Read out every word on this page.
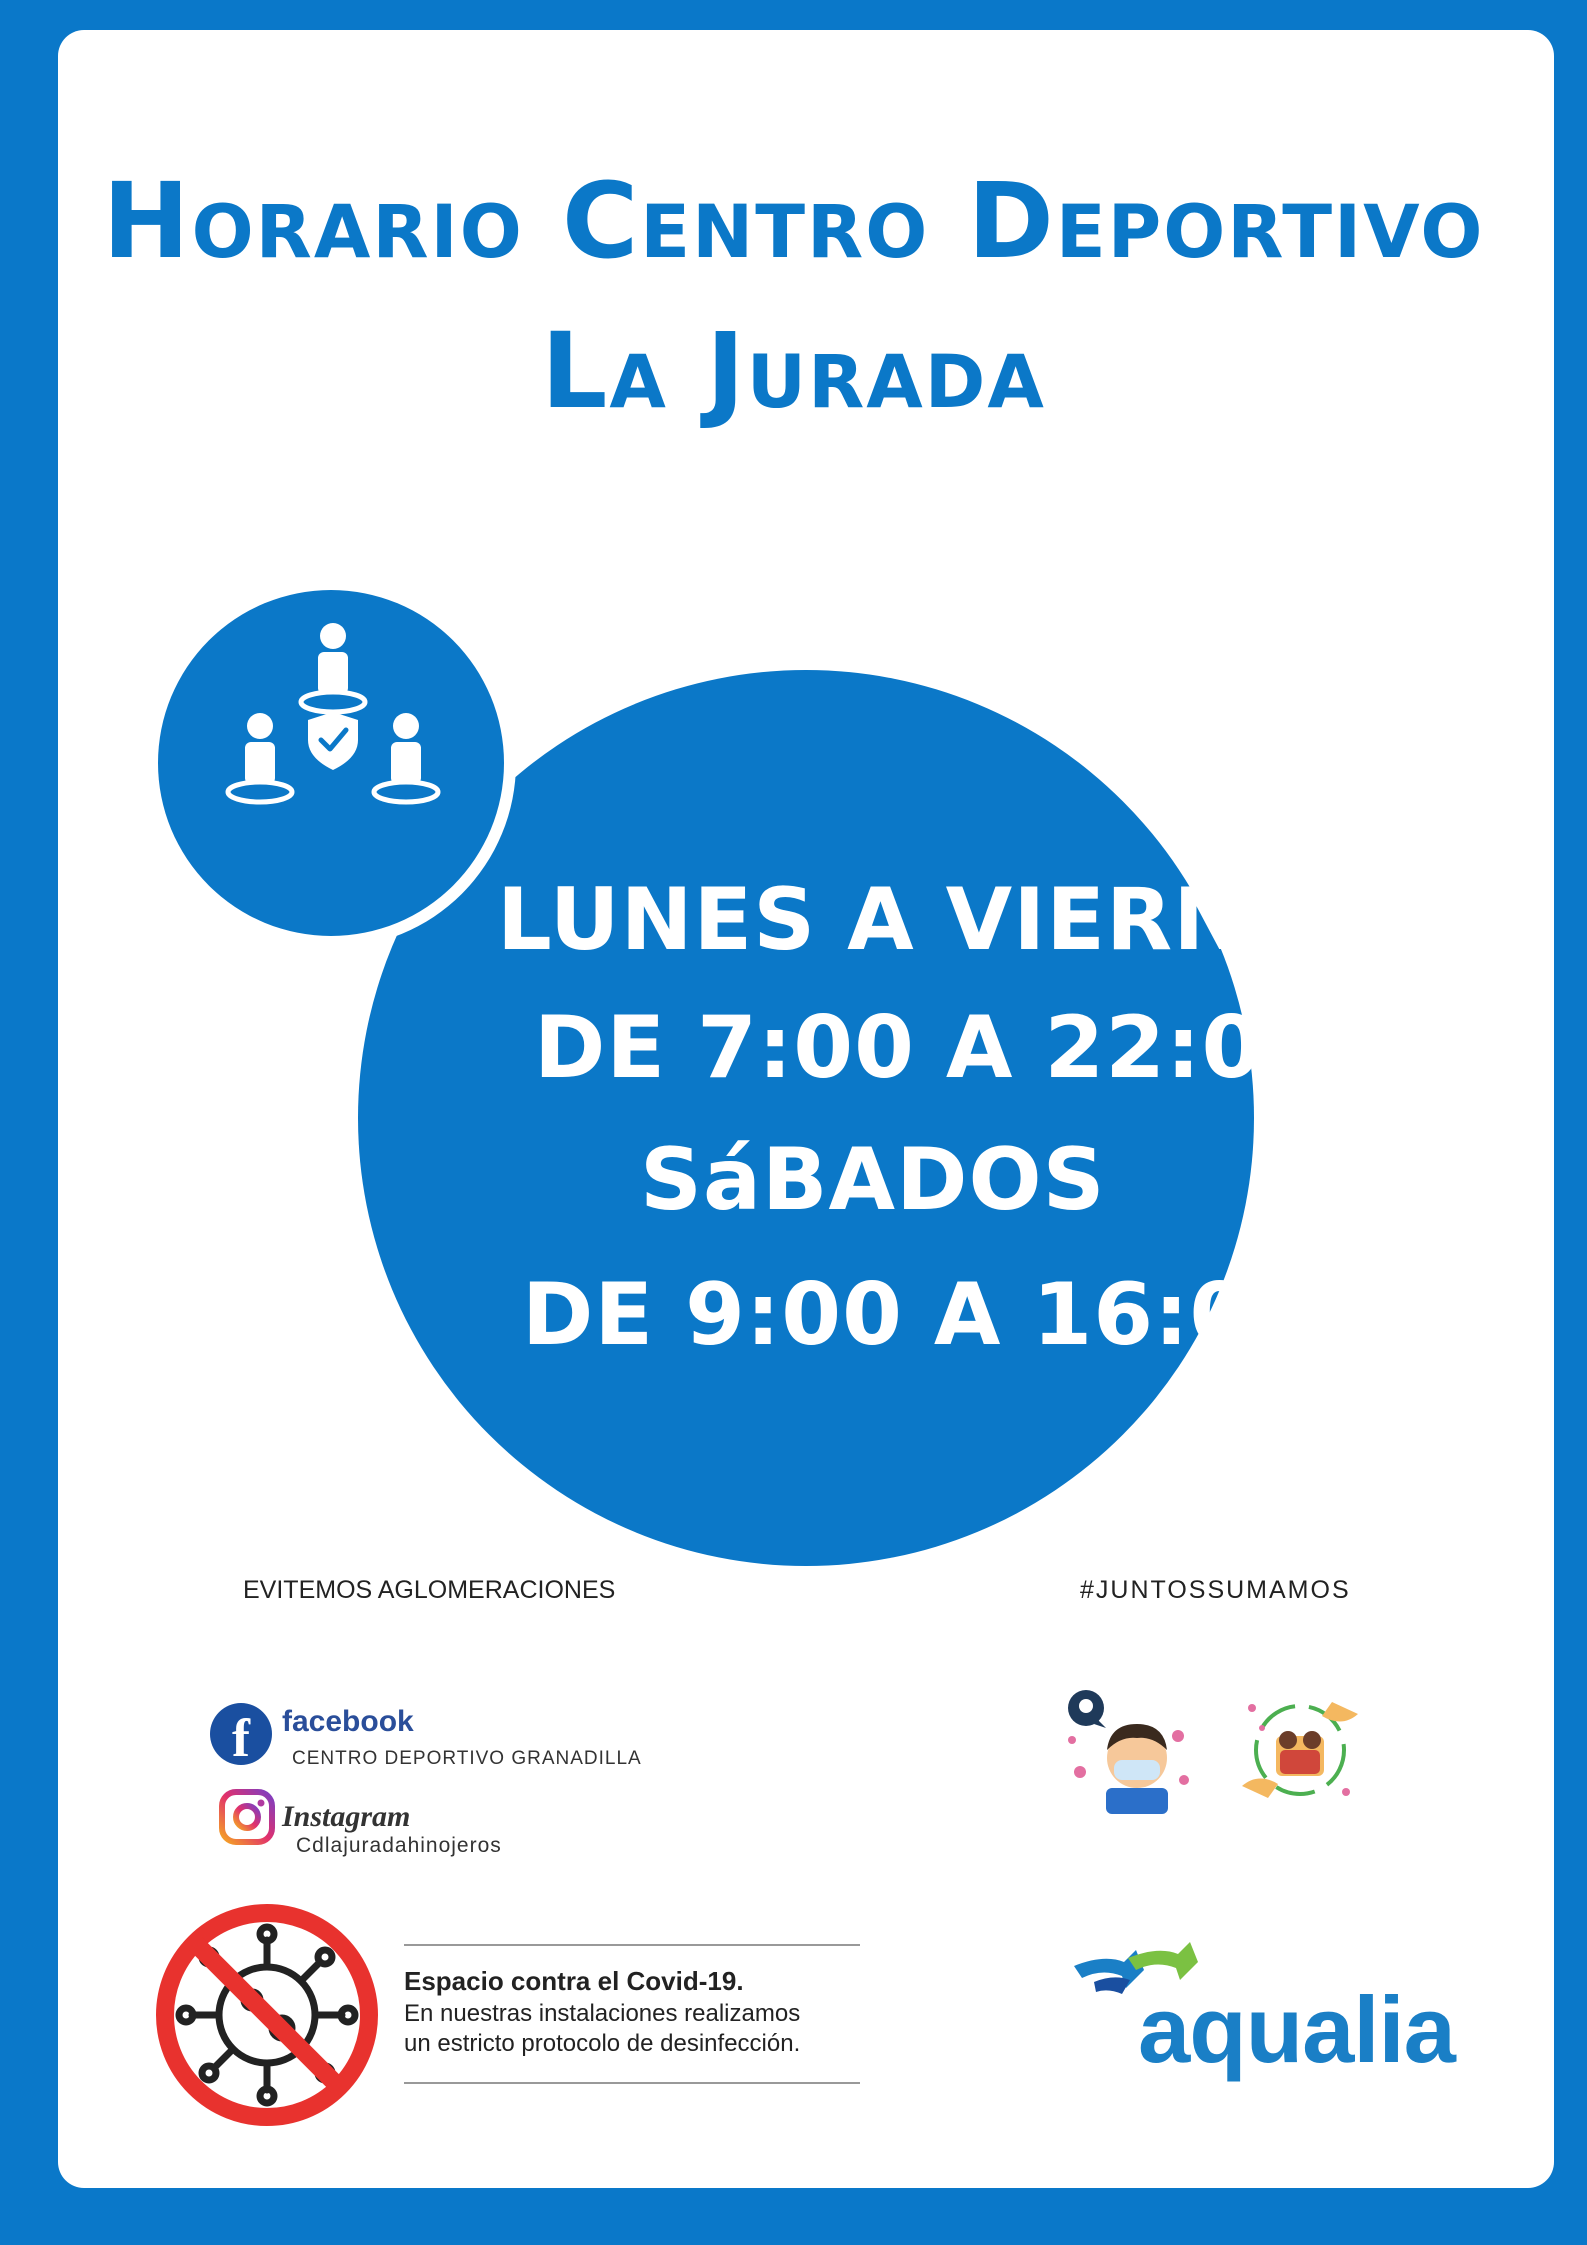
Horario Centro Deportivo
La Jurada
LUNES A VIERNES
DE 7:00 A 22:00
SáBADOS
DE 9:00 A 16:00.
EVITEMOS AGLOMERACIONES	#JUNTOSSUMAMOS
f	facebook
CENTRO DEPORTIVO GRANADILLA
Instagram
Cdlajuradahinojeros
Espacio contra el Covid-19.
En nuestras instalaciones realizamos
un estricto protocolo de desinfección.	aqualia
